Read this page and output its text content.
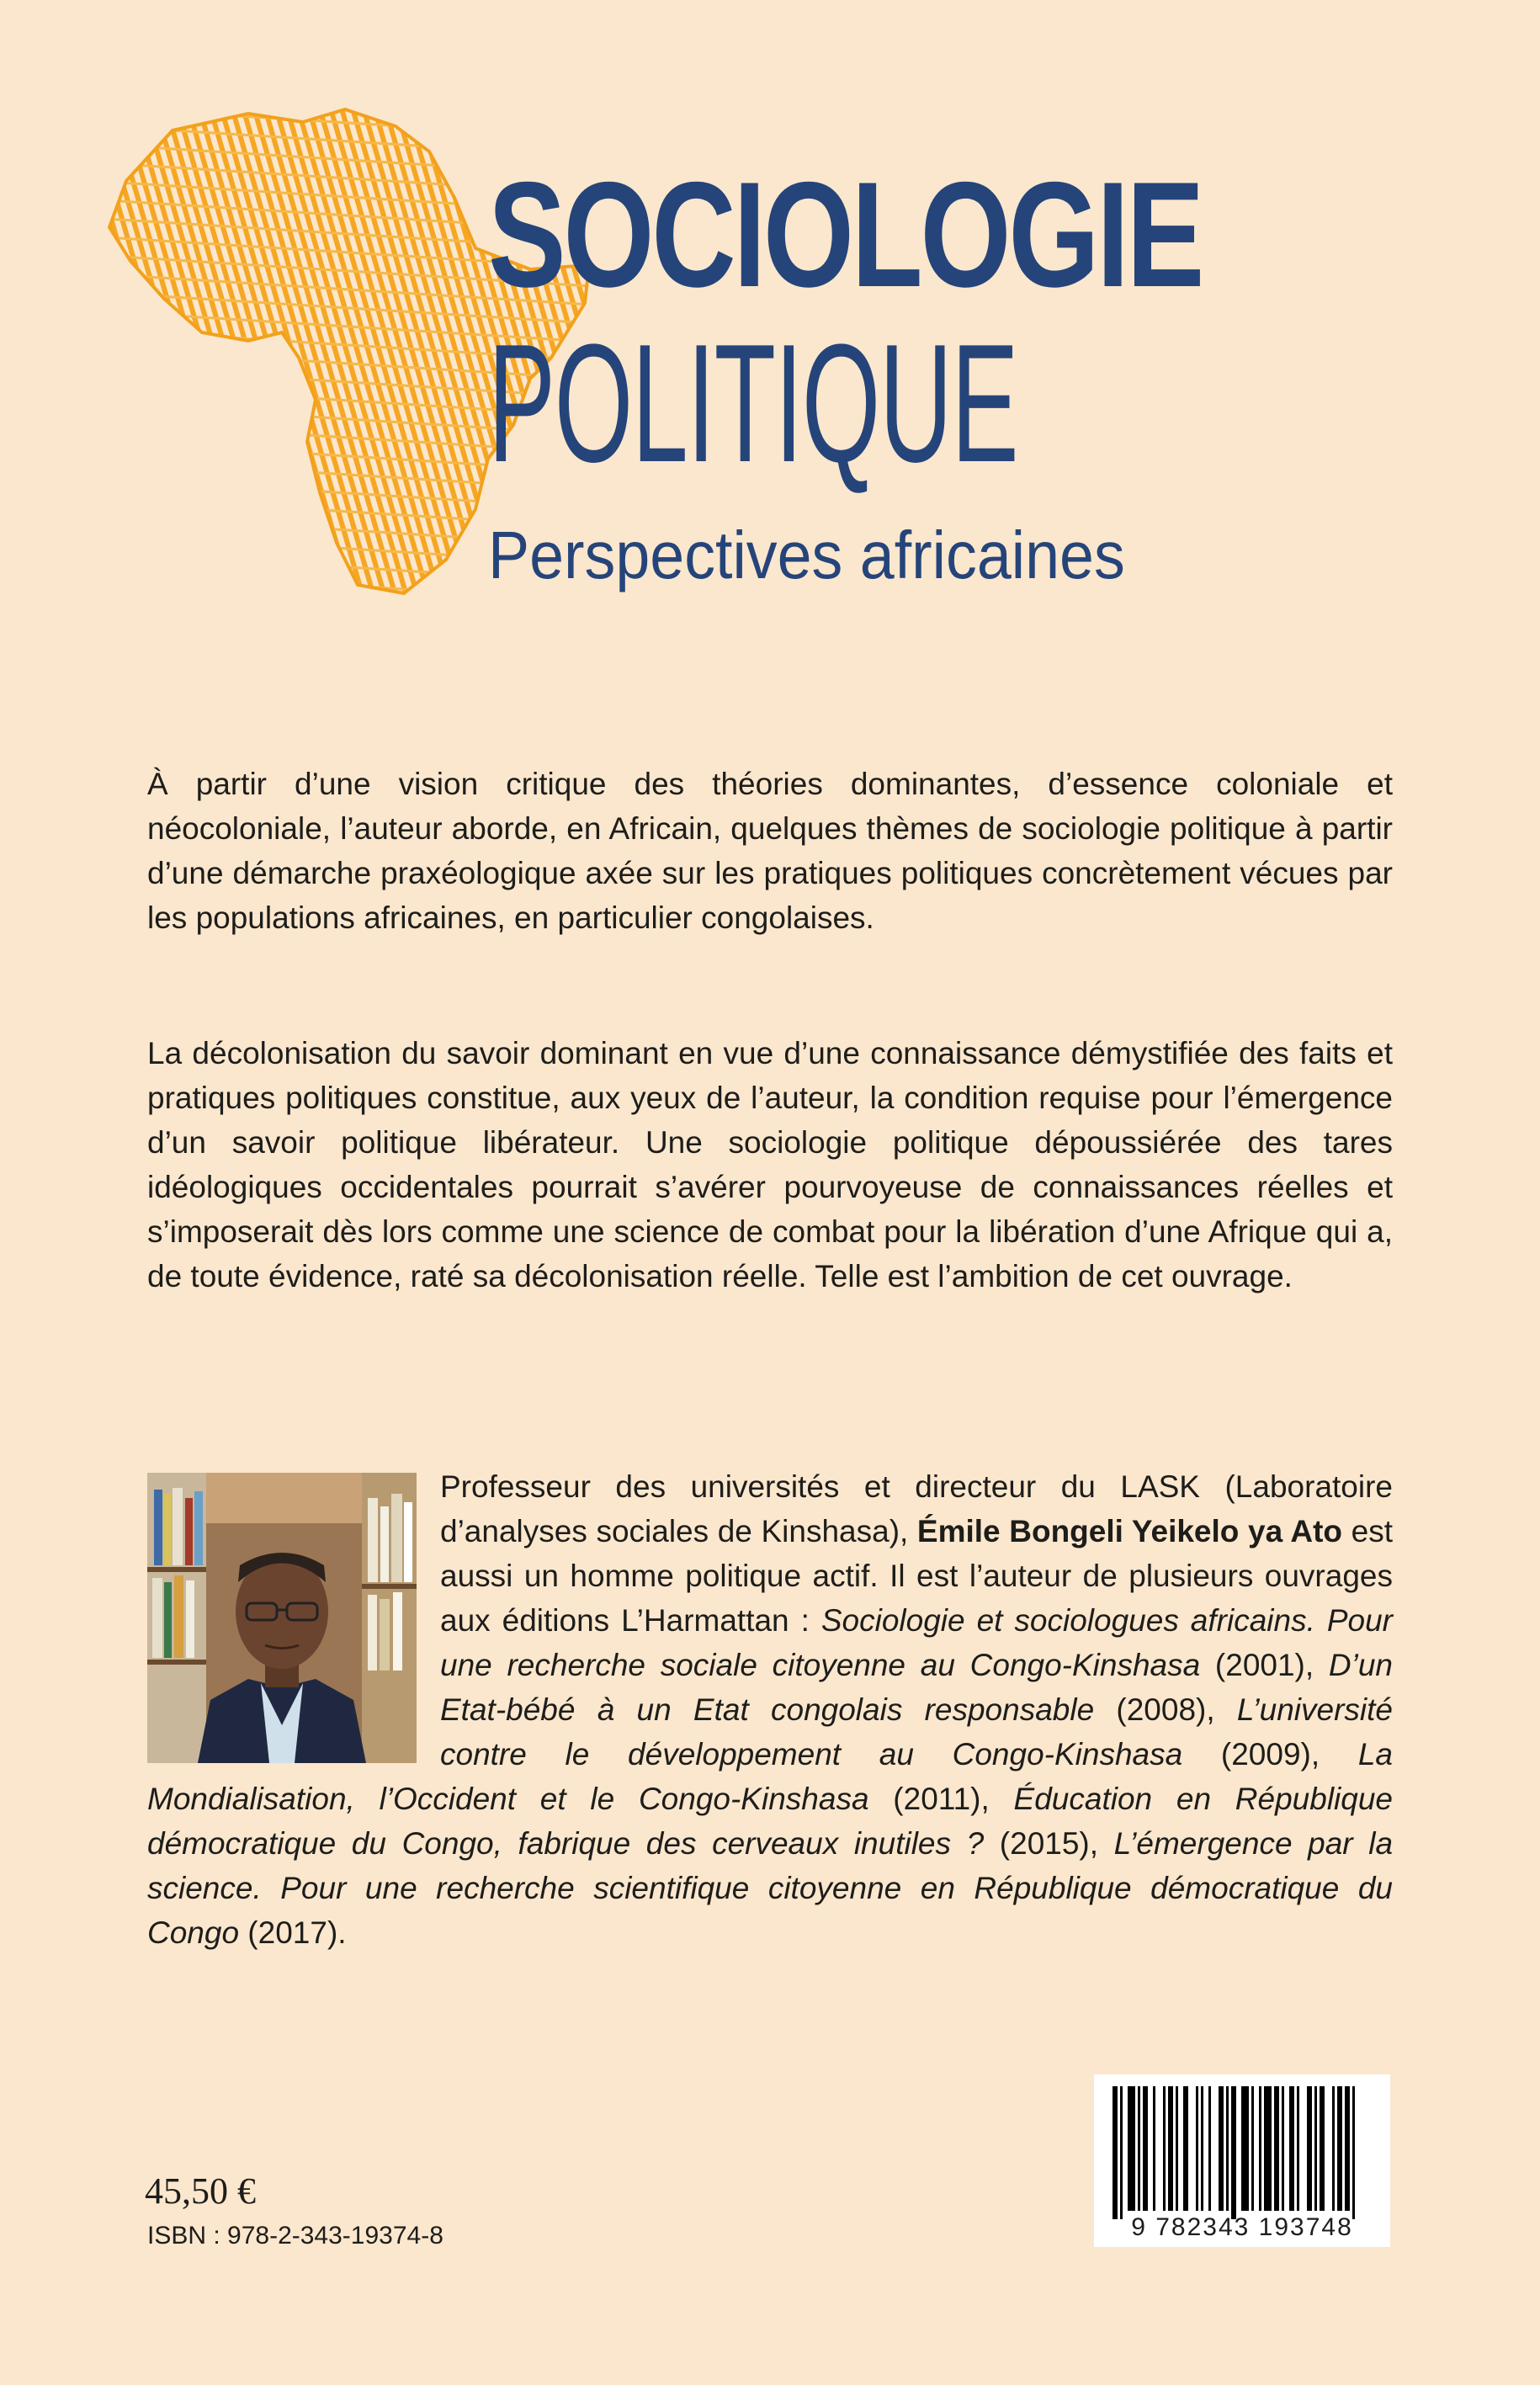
SOCIOLOGIE
POLITIQUE
Perspectives africaines

À partir d’une vision critique des théories dominantes, d’essence coloniale et néocoloniale, l’auteur aborde, en Africain, quelques thèmes de sociologie politique à partir d’une démarche praxéologique axée sur les pratiques politiques concrètement vécues par les populations africaines, en particulier congolaises.

La décolonisation du savoir dominant en vue d’une connaissance démystifiée des faits et pratiques politiques constitue, aux yeux de l’auteur, la condition requise pour l’émergence d’un savoir politique libérateur. Une sociologie politique dépoussiérée des tares idéologiques occidentales pourrait s’avérer pourvoyeuse de connaissances réelles et s’imposerait dès lors comme une science de combat pour la libération d’une Afrique qui a, de toute évidence, raté sa décolonisation réelle. Telle est l’ambition de cet ouvrage.

Professeur des universités et directeur du LASK (Laboratoire d’analyses sociales de Kinshasa), Émile Bongeli Yeikelo ya Ato est aussi un homme politique actif. Il est l’auteur de plusieurs ouvrages aux éditions L’Harmattan : Sociologie et sociologues africains. Pour une recherche sociale citoyenne au Congo-Kinshasa (2001), D’un Etat-bébé à un Etat congolais responsable (2008), L’université contre le développement au Congo-Kinshasa (2009), La Mondialisation, l’Occident et le Congo-Kinshasa (2011), Éducation en République démocratique du Congo, fabrique des cerveaux inutiles ? (2015), L’émergence par la science. Pour une recherche scientifique citoyenne en République démocratique du Congo (2017).

45,50 €
ISBN : 978-2-343-19374-8	9 782343 193748
